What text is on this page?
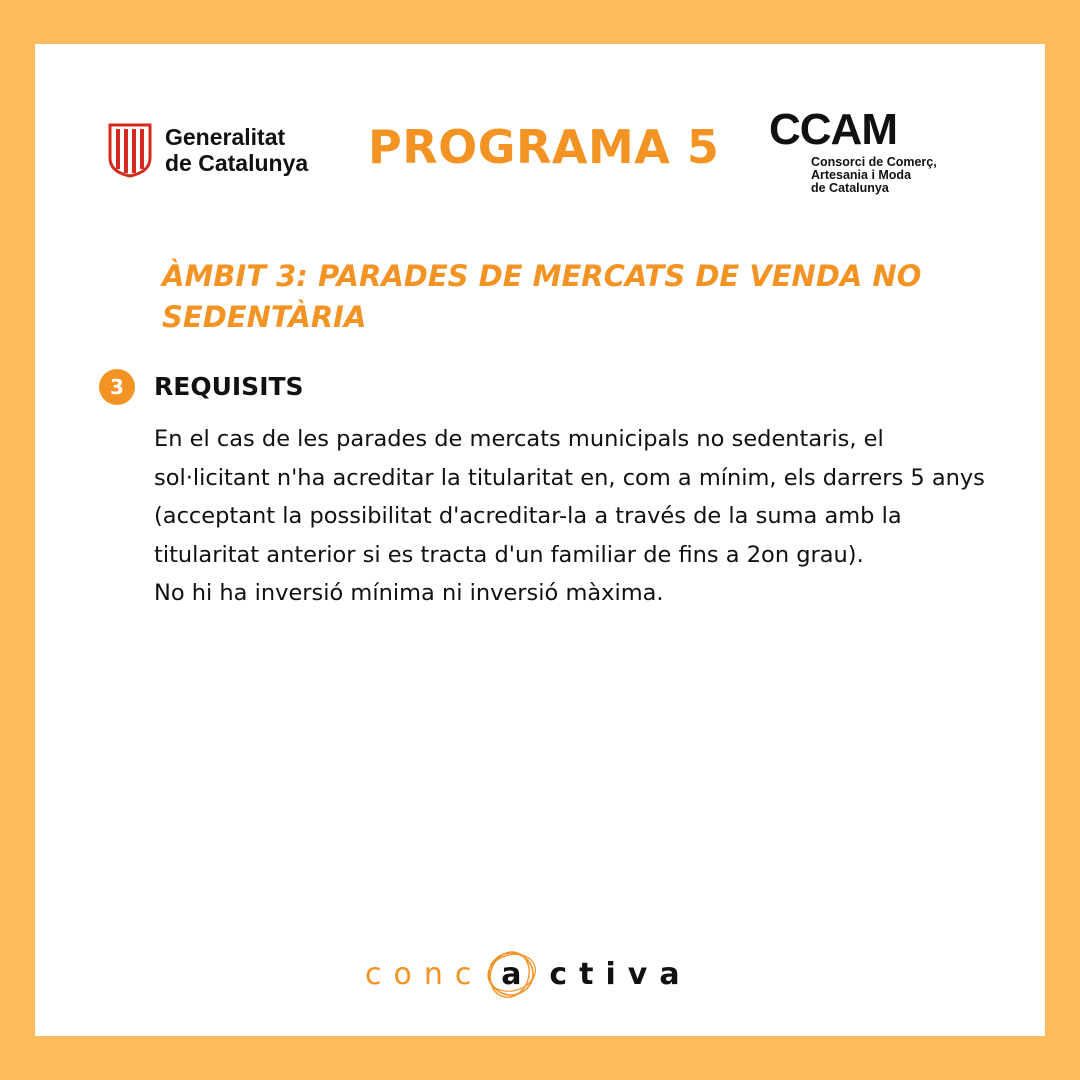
Generalitat
de Catalunya PROGRAMA 5 CCAM
Consorci de Comerç,
Artesania i Moda
de Catalunya
ÀMBIT 3: PARADES DE MERCATS DE VENDA NO SEDENTÀRIA
3	REQUISITS

En el cas de les parades de mercats municipals no sedentaris, el sol·licitant n'ha acreditar la titularitat en, com a mínim, els darrers 5 anys (acceptant la possibilitat d'acreditar-la a través de la suma amb la titularitat anterior si es tracta d'un familiar de fins a 2on grau).

No hi ha inversió mínima ni inversió màxima.

conc a ctiva
